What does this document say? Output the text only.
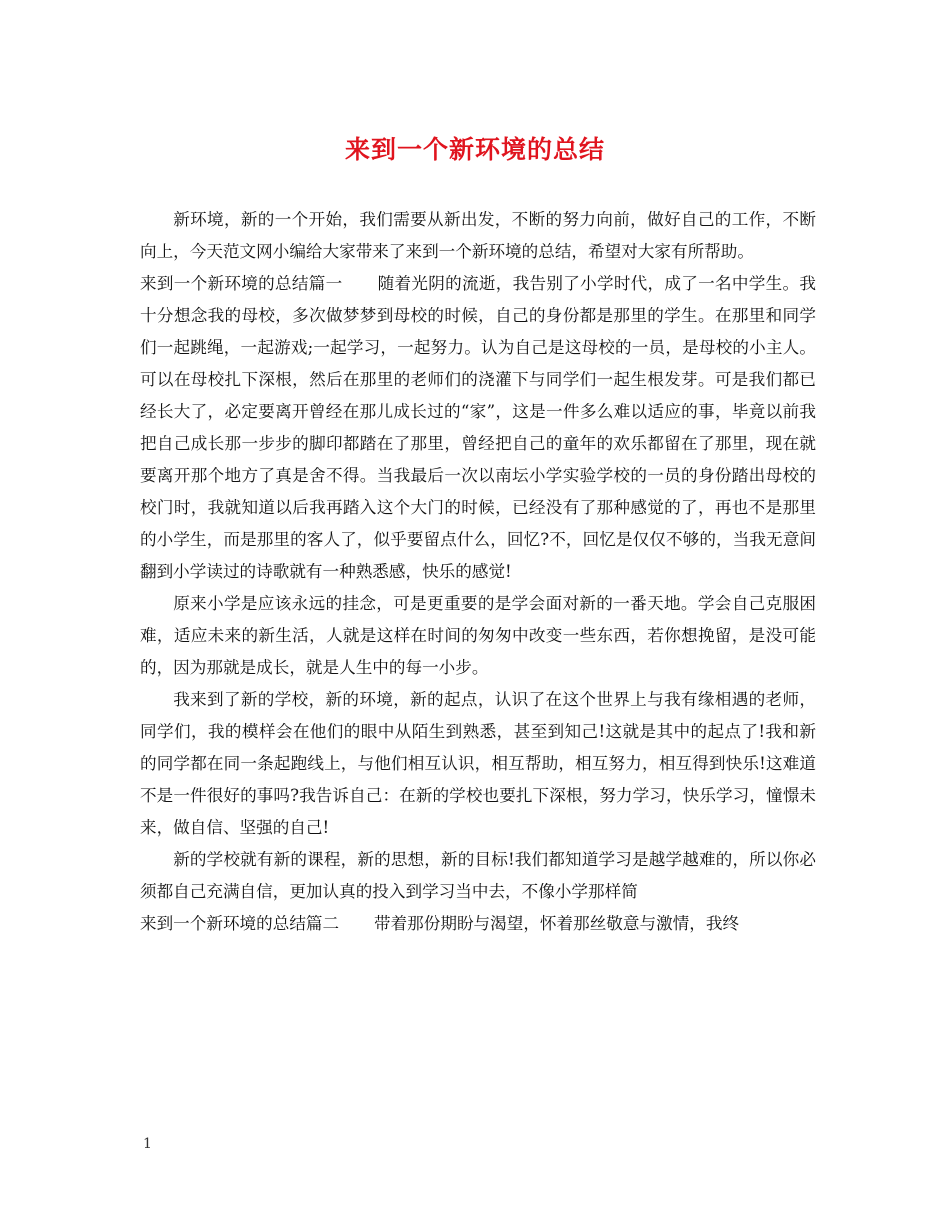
来到一个新环境的总结

新环境，新的一个开始，我们需要从新出发，不断的努力向前，做好自己的工作，不断向上，今天范文网小编给大家带来了来到一个新环境的总结，希望对大家有所帮助。

来到一个新环境的总结篇一 随着光阴的流逝，我告别了小学时代，成了一名中学生。我十分想念我的母校，多次做梦梦到母校的时候，自己的身份都是那里的学生。在那里和同学们一起跳绳，一起游戏;一起学习，一起努力。认为自己是这母校的一员，是母校的小主人。可以在母校扎下深根，然后在那里的老师们的浇灌下与同学们一起生根发芽。可是我们都已经长大了，必定要离开曾经在那儿成长过的“家”，这是一件多么难以适应的事，毕竟以前我把自己成长那一步步的脚印都踏在了那里，曾经把自己的童年的欢乐都留在了那里，现在就要离开那个地方了真是舍不得。当我最后一次以南坛小学实验学校的一员的身份踏出母校的校门时，我就知道以后我再踏入这个大门的时候，已经没有了那种感觉的了，再也不是那里的小学生，而是那里的客人了，似乎要留点什么，回忆?不，回忆是仅仅不够的，当我无意间翻到小学读过的诗歌就有一种熟悉感，快乐的感觉!

原来小学是应该永远的挂念，可是更重要的是学会面对新的一番天地。学会自己克服困难，适应未来的新生活，人就是这样在时间的匆匆中改变一些东西，若你想挽留，是没可能的，因为那就是成长，就是人生中的每一小步。

我来到了新的学校，新的环境，新的起点，认识了在这个世界上与我有缘相遇的老师，同学们，我的模样会在他们的眼中从陌生到熟悉，甚至到知己!这就是其中的起点了!我和新的同学都在同一条起跑线上，与他们相互认识，相互帮助，相互努力，相互得到快乐!这难道不是一件很好的事吗?我告诉自己：在新的学校也要扎下深根，努力学习，快乐学习，憧憬未来，做自信、坚强的自己!

新的学校就有新的课程，新的思想，新的目标!我们都知道学习是越学越难的，所以你必须都自己充满自信，更加认真的投入到学习当中去，不像小学那样简

来到一个新环境的总结篇二 带着那份期盼与渴望，怀着那丝敬意与激情，我终

1
